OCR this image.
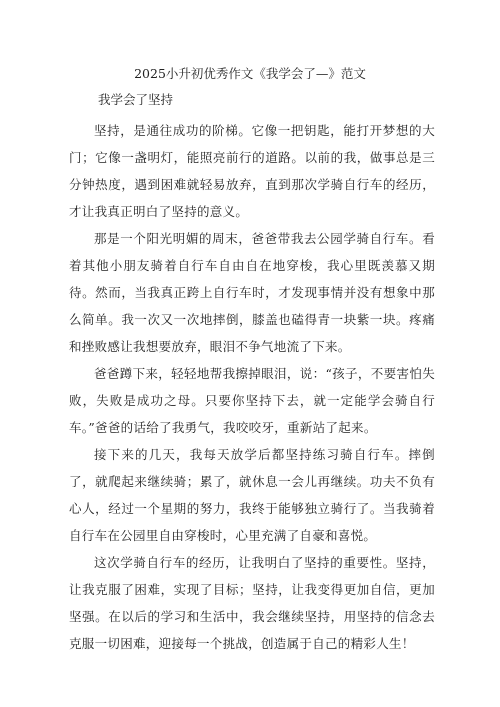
2025小升初优秀作文《我学会了—》范文
我学会了坚持

坚持，是通往成功的阶梯。它像一把钥匙，能打开梦想的大门；它像一盏明灯，能照亮前行的道路。以前的我，做事总是三分钟热度，遇到困难就轻易放弃，直到那次学骑自行车的经历，才让我真正明白了坚持的意义。

那是一个阳光明媚的周末，爸爸带我去公园学骑自行车。看着其他小朋友骑着自行车自由自在地穿梭，我心里既羡慕又期待。然而，当我真正跨上自行车时，才发现事情并没有想象中那么简单。我一次又一次地摔倒，膝盖也磕得青一块紫一块。疼痛和挫败感让我想要放弃，眼泪不争气地流了下来。

爸爸蹲下来，轻轻地帮我擦掉眼泪，说：“孩子，不要害怕失败，失败是成功之母。只要你坚持下去，就一定能学会骑自行车。”爸爸的话给了我勇气，我咬咬牙，重新站了起来。

接下来的几天，我每天放学后都坚持练习骑自行车。摔倒了，就爬起来继续骑；累了，就休息一会儿再继续。功夫不负有心人，经过一个星期的努力，我终于能够独立骑行了。当我骑着自行车在公园里自由穿梭时，心里充满了自豪和喜悦。

这次学骑自行车的经历，让我明白了坚持的重要性。坚持，让我克服了困难，实现了目标；坚持，让我变得更加自信，更加坚强。在以后的学习和生活中，我会继续坚持，用坚持的信念去克服一切困难，迎接每一个挑战，创造属于自己的精彩人生！
